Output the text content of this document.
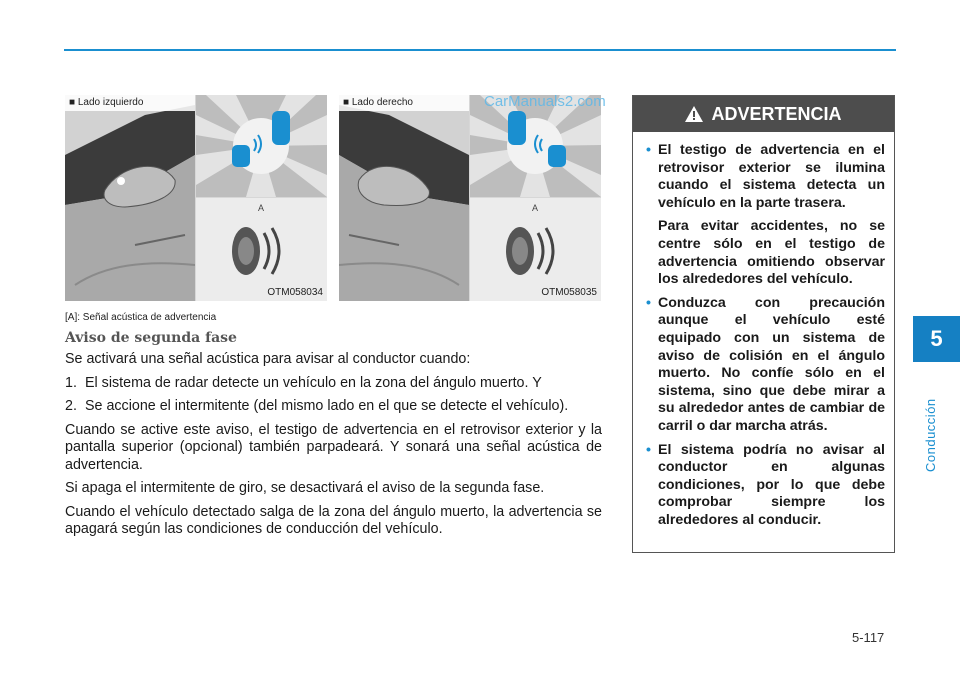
■ Lado izquierdo
A
OTM058034
■ Lado derecho
A
OTM058035
CarManuals2.com
[A]: Señal acústica de advertencia
Aviso de segunda fase

Se activará una señal acústica para avisar al conductor cuando:

1. El sistema de radar detecte un vehículo en la zona del ángulo muerto. Y
2. Se accione el intermitente (del mismo lado en el que se detecte el vehículo).

Cuando se active este aviso, el testigo de advertencia en el retrovisor exterior y la pantalla superior (opcional) también parpadeará. Y sonará una señal acústica de advertencia.

Si apaga el intermitente de giro, se desactivará el aviso de la segunda fase.

Cuando el vehículo detectado salga de la zona del ángulo muerto, la advertencia se apagará según las condiciones de conducción del vehículo.

ADVERTENCIA
• El testigo de advertencia en el retrovisor exterior se ilumina cuando el sistema detecta un vehículo en la parte trasera.

Para evitar accidentes, no se centre sólo en el testigo de advertencia omitiendo observar los alrededores del vehículo.

• Conduzca con precaución aunque el vehículo esté equipado con un sistema de aviso de colisión en el ángulo muerto. No confíe sólo en el sistema, sino que debe mirar a su alrededor antes de cambiar de carril o dar marcha atrás.

• El sistema podría no avisar al conductor en algunas condiciones, por lo que debe comprobar siempre los alrededores al conducir.

5
Conducción
5-117
